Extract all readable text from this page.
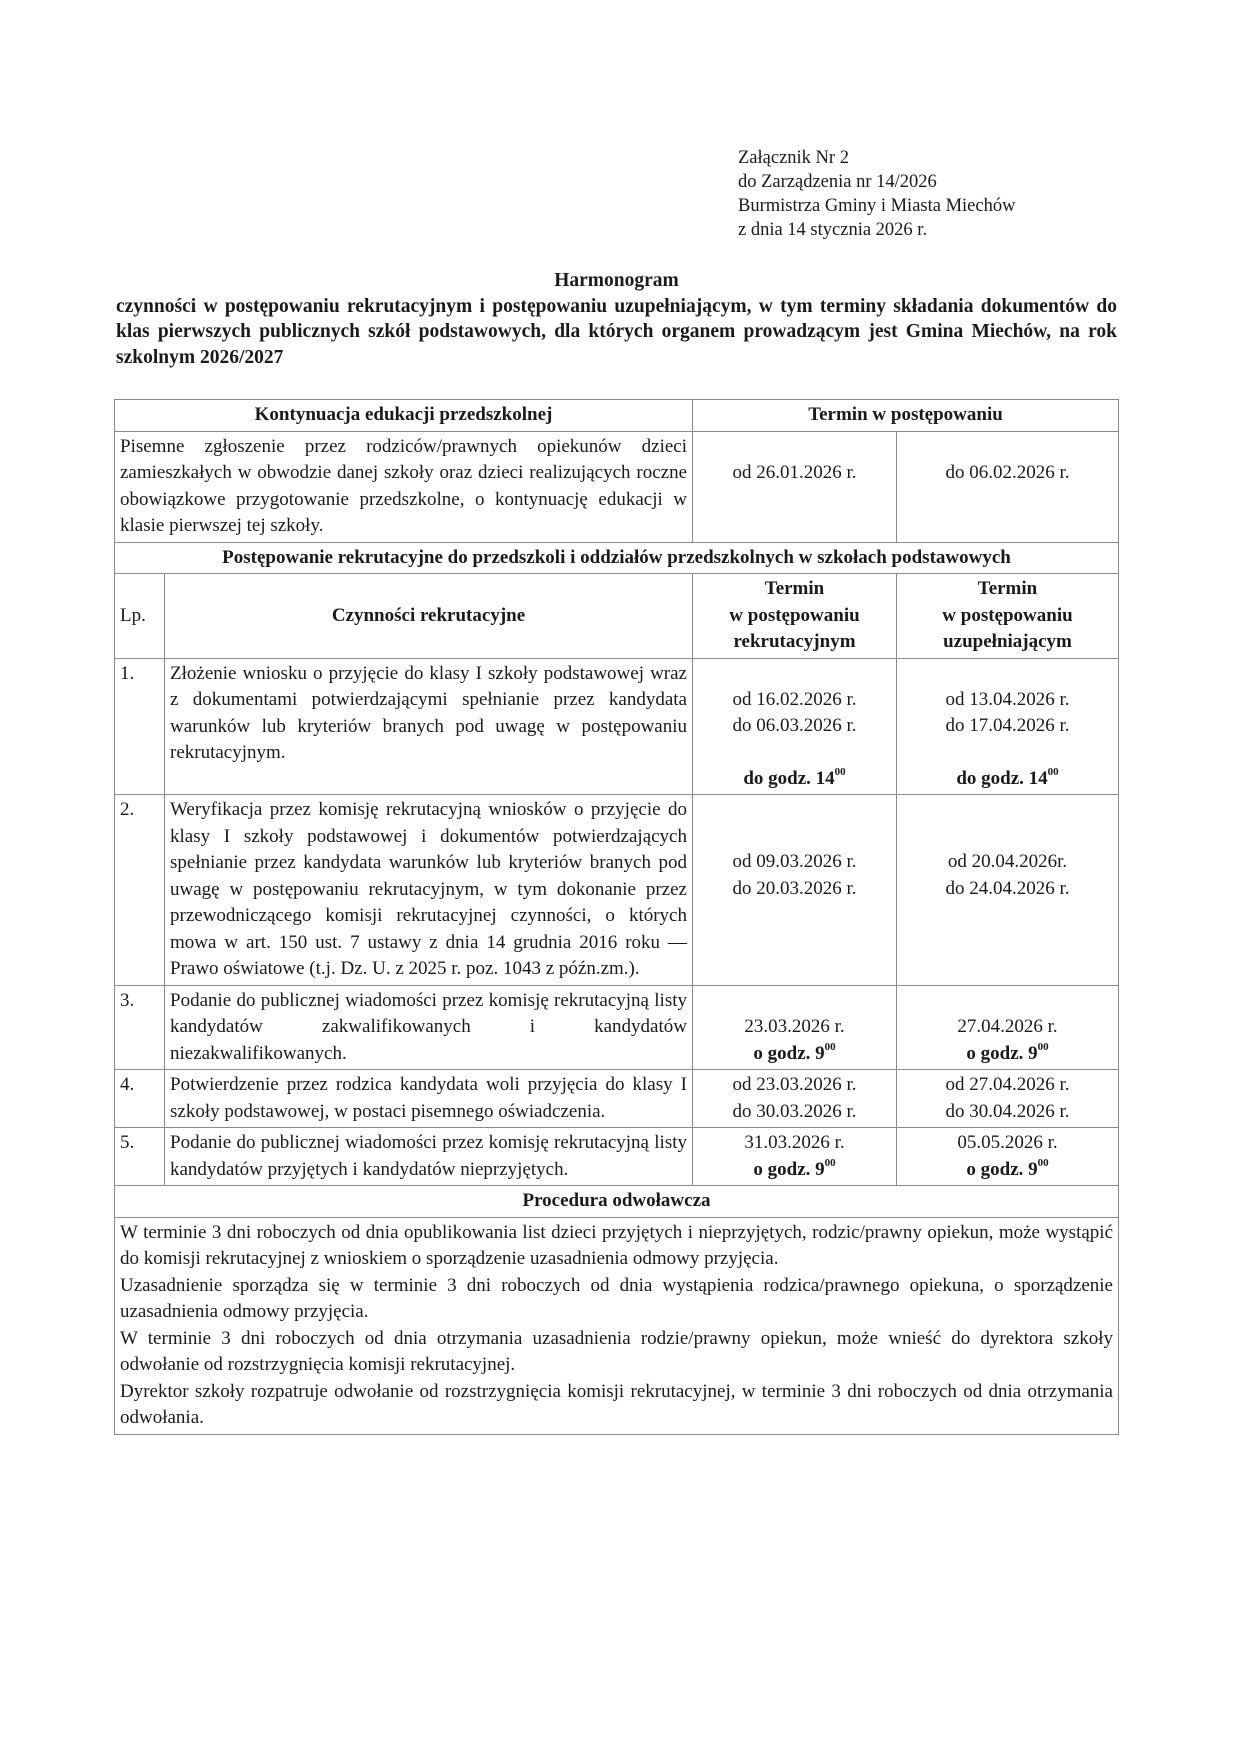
Załącznik Nr 2
do Zarządzenia nr 14/2026
Burmistrza Gminy i Miasta Miechów
z dnia 14 stycznia 2026 r.
Harmonogram
czynności w postępowaniu rekrutacyjnym i postępowaniu uzupełniającym, w tym terminy składania dokumentów do klas pierwszych publicznych szkół podstawowych, dla których organem prowadzącym jest Gmina Miechów, na rok szkolnym 2026/2027
Kontynuacja edukacji przedszkolnej		Termin w postępowaniu	
Pisemne zgłoszenie przez rodziców/prawnych opiekunów dzieci zamieszkałych w obwodzie danej szkoły oraz dzieci realizujących roczne obowiązkowe przygotowanie przedszkolne, o kontynuację edukacji w klasie pierwszej tej szkoły.		od 26.01.2026 r.	do 06.02.2026 r.
Postępowanie rekrutacyjne do przedszkoli i oddziałów przedszkolnych w szkołach podstawowych			
Lp.	Czynności rekrutacyjne	Termin
w postępowaniu
rekrutacyjnym	Termin
w postępowaniu
uzupełniającym

1.	Złożenie wniosku o przyjęcie do klasy I szkoły podstawowej wraz z dokumentami potwierdzającymi spełnianie przez kandydata warunków lub kryteriów branych pod uwagę w postępowaniu rekrutacyjnym.	od 16.02.2026 r.
do 06.03.2026 r.
do godz. $14^{00}$	od 13.04.2026 r.
do 17.04.2026 r.
do godz. $14^{00}$

2.	Weryfikacja przez komisję rekrutacyjną wniosków o przyjęcie do klasy I szkoły podstawowej i dokumentów potwierdzających spełnianie przez kandydata warunków lub kryteriów branych pod uwagę w postępowaniu rekrutacyjnym, w tym dokonanie przez przewodniczącego komisji rekrutacyjnej czynności, o których mowa w art. 150 ust. 7 ustawy z dnia 14 grudnia 2016 roku — Prawo oświatowe (t.j. Dz. U. z 2025 r. poz. 1043 z późn.zm.).	od 09.03.2026 r.
do 20.03.2026 r.	od 20.04.2026r.
do 24.04.2026 r.

3.	Podanie do publicznej wiadomości przez komisję rekrutacyjną listy kandydatów zakwalifikowanych i kandydatów niezakwalifikowanych.	23.03.2026 r.
o godz. $9^{00}$	27.04.2026 r.
o godz. $9^{00}$

4.	Potwierdzenie przez rodzica kandydata woli przyjęcia do klasy I szkoły podstawowej, w postaci pisemnego oświadczenia.	od 23.03.2026 r.
do 30.03.2026 r.	od 27.04.2026 r.
do 30.04.2026 r.

5.	Podanie do publicznej wiadomości przez komisję rekrutacyjną listy kandydatów przyjętych i kandydatów nieprzyjętych.	31.03.2026 r.
o godz. $9^{00}$	05.05.2026 r.
o godz. $9^{00}$

Procedura odwoławcza			

W terminie 3 dni roboczych od dnia opublikowania list dzieci przyjętych i nieprzyjętych, rodzic/prawny opiekun, może wystąpić do komisji rekrutacyjnej z wnioskiem o sporządzenie uzasadnienia odmowy przyjęcia.

Uzasadnienie sporządza się w terminie 3 dni roboczych od dnia wystąpienia rodzica/prawnego opiekuna, o sporządzenie uzasadnienia odmowy przyjęcia.

W terminie 3 dni roboczych od dnia otrzymania uzasadnienia rodzie/prawny opiekun, może wnieść do dyrektora szkoły odwołanie od rozstrzygnięcia komisji rekrutacyjnej.

Dyrektor szkoły rozpatruje odwołanie od rozstrzygnięcia komisji rekrutacyjnej, w terminie 3 dni roboczych od dnia otrzymania odwołania.			
